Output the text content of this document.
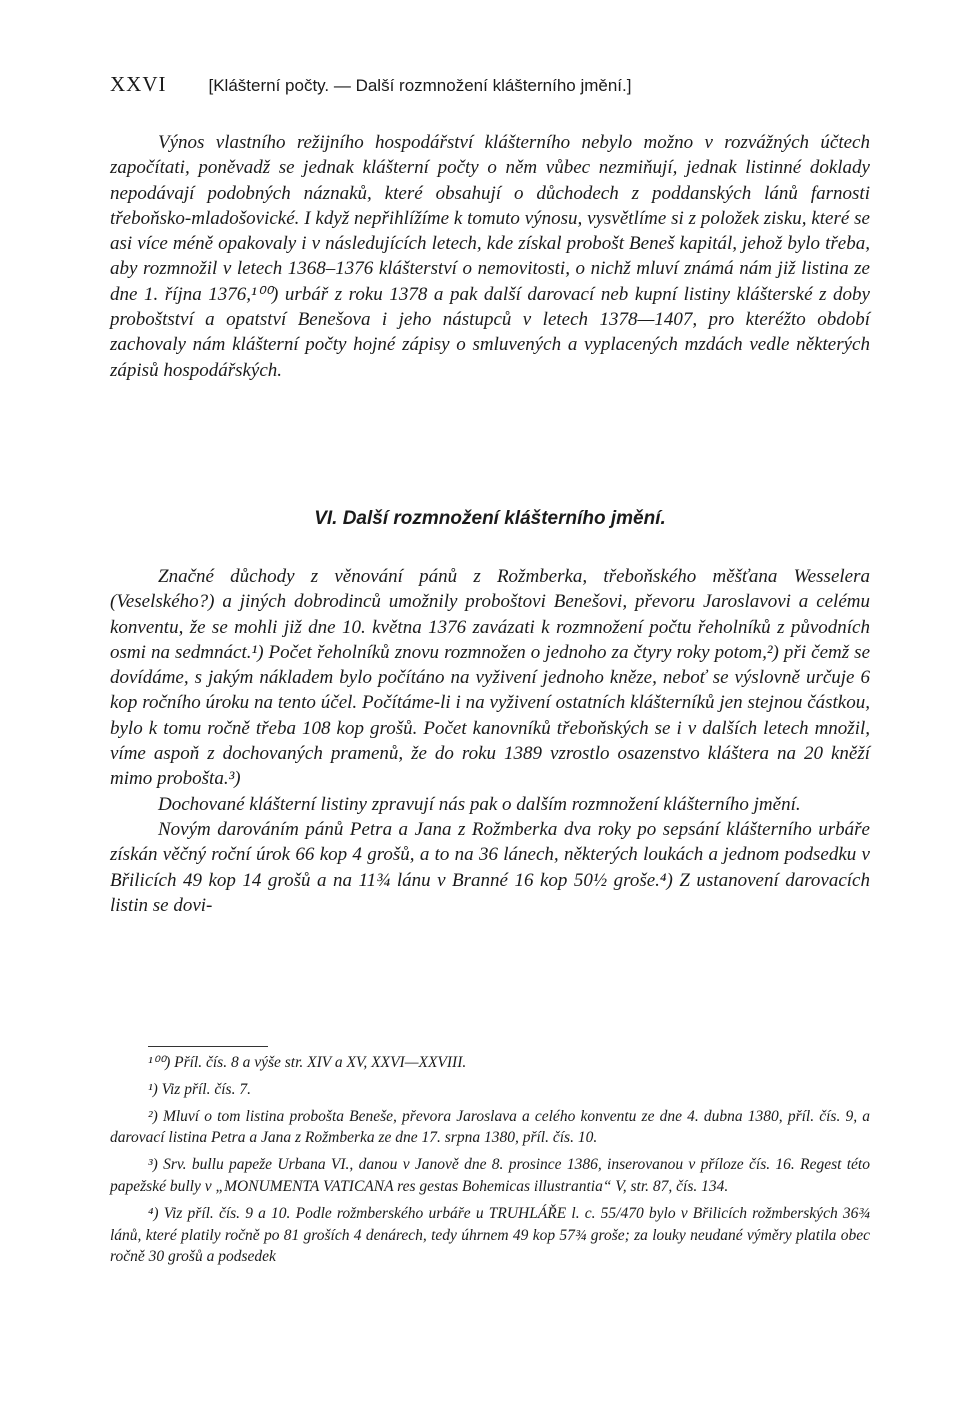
XXVI [Klášterní počty. — Další rozmnožení klášterního jmění.]

Výnos vlastního režijního hospodářství klášterního nebylo možno v rozvážných účtech započítati, poněvadž se jednak klášterní počty o něm vůbec nezmiňují, jednak listinné doklady nepodávají podobných náznaků, které obsahují o důchodech z poddanských lánů farnosti třeboňsko-mladošovické. I když nepřihlížíme k tomuto výnosu, vysvětlíme si z položek zisku, které se asi více méně opakovaly i v následujících letech, kde získal probošt Beneš kapitál, jehož bylo třeba, aby rozmnožil v letech 1368–1376 klášterství o nemovitosti, o nichž mluví známá nám již listina ze dne 1. října 1376,¹⁰⁰) urbář z roku 1378 a pak další darovací neb kupní listiny klášterské z doby proboštství a opatství Benešova i jeho nástupců v letech 1378—1407, pro kteréžto období zachovaly nám klášterní počty hojné zápisy o smluvených a vyplacených mzdách vedle některých zápisů hospodářských.

VI. Další rozmnožení klášterního jmění.

Značné důchody z věnování pánů z Rožmberka, třeboňského měšťana Wesselera (Veselského?) a jiných dobrodinců umožnily proboštovi Benešovi, převoru Jaroslavovi a celému konventu, že se mohli již dne 10. května 1376 zavázati k rozmnožení počtu řeholníků z původních osmi na sedmnáct.¹) Počet řeholníků znovu rozmnožen o jednoho za čtyry roky potom,²) při čemž se dovídáme, s jakým nákladem bylo počítáno na vyživení jednoho kněze, neboť se výslovně určuje 6 kop ročního úroku na tento účel. Počítáme-li i na vyživení ostatních klášterníků jen stejnou částkou, bylo k tomu ročně třeba 108 kop grošů. Počet kanovníků třeboňských se i v dalších letech množil, víme aspoň z dochovaných pramenů, že do roku 1389 vzrostlo osazenstvo kláštera na 20 kněží mimo probošta.³)

Dochované klášterní listiny zpravují nás pak o dalším rozmnožení klášterního jmění.

Novým darováním pánů Petra a Jana z Rožmberka dva roky po sepsání klášterního urbáře získán věčný roční úrok 66 kop 4 grošů, a to na 36 lánech, některých loukách a jednom podsedku v Břilicích 49 kop 14 grošů a na 11¾ lánu v Branné 16 kop 50½ groše.⁴) Z ustanovení darovacích listin se dovi-

¹⁰⁰) Příl. čís. 8 a výše str. XIV a XV, XXVI—XXVIII.
¹) Viz příl. čís. 7.
²) Mluví o tom listina probošta Beneše, převora Jaroslava a celého konventu ze dne 4. dubna 1380, příl. čís. 9, a darovací listina Petra a Jana z Rožmberka ze dne 17. srpna 1380, příl. čís. 10.
³) Srv. bullu papeže Urbana VI., danou v Janově dne 8. prosince 1386, inserovanou v příloze čís. 16. Regest této papežské bully v „MONUMENTA VATICANA res gestas Bohemicas illustrantia“ V, str. 87, čís. 134.
⁴) Viz příl. čís. 9 a 10. Podle rožmberského urbáře u TRUHLÁŘE l. c. 55/470 bylo v Břilicích rožmberských 36¾ lánů, které platily ročně po 81 groších 4 denárech, tedy úhrnem 49 kop 57¾ groše; za louky neudané výměry platila obec ročně 30 grošů a podsedek
